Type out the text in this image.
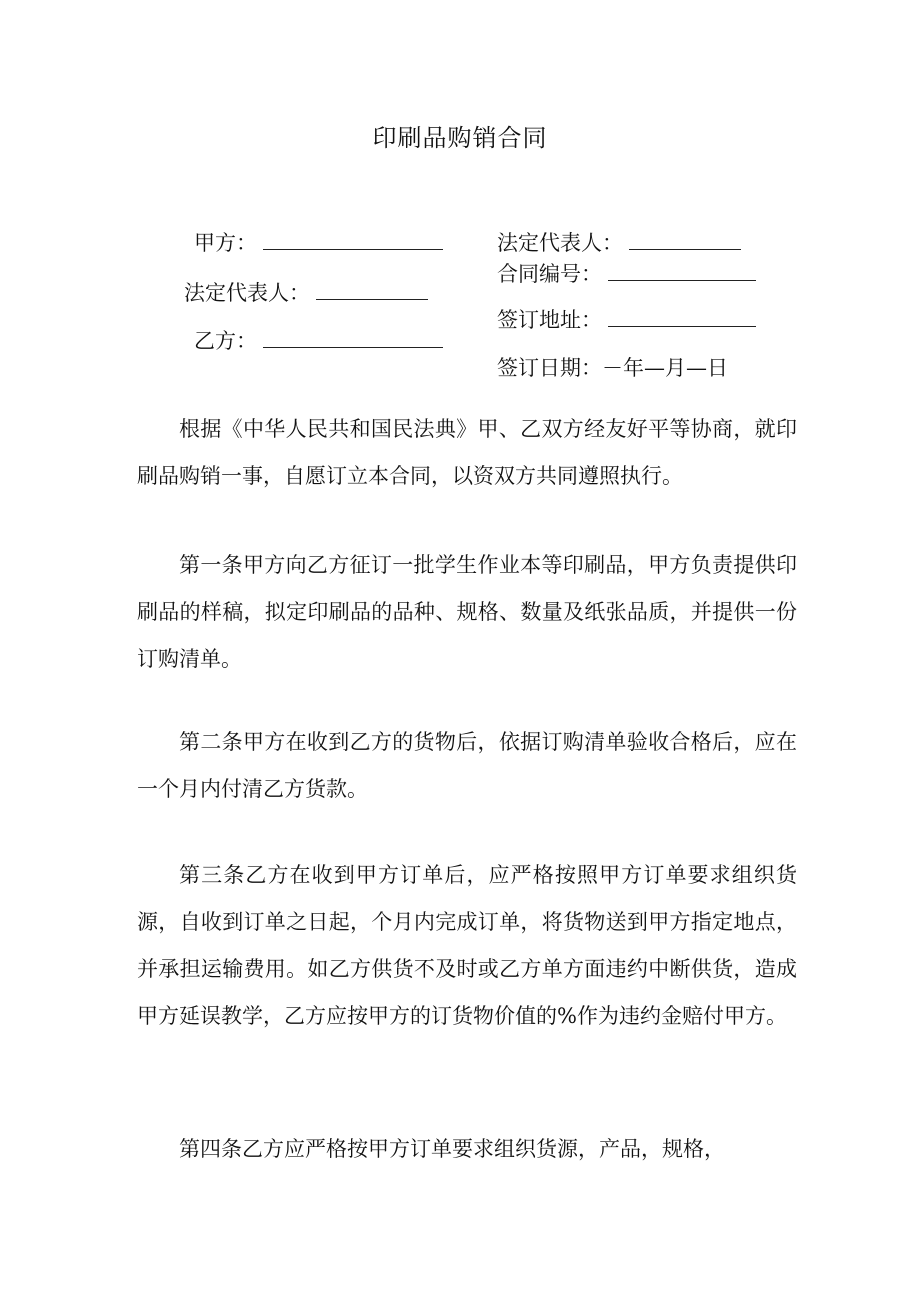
印刷品购销合同
甲方：	法定代表人：
合同编号：
法定代表人：
签订地址：
乙方：
签订日期：－年—月—日

根据《中华人民共和国民法典》甲、乙双方经友好平等协商，就印刷品购销一事，自愿订立本合同，以资双方共同遵照执行。

第一条甲方向乙方征订一批学生作业本等印刷品，甲方负责提供印刷品的样稿，拟定印刷品的品种、规格、数量及纸张品质，并提供一份订购清单。

第二条甲方在收到乙方的货物后，依据订购清单验收合格后，应在一个月内付清乙方货款。

第三条乙方在收到甲方订单后，应严格按照甲方订单要求组织货源，自收到订单之日起，个月内完成订单，将货物送到甲方指定地点，并承担运输费用。如乙方供货不及时或乙方单方面违约中断供货，造成甲方延误教学，乙方应按甲方的订货物价值的%作为违约金赔付甲方。

第四条乙方应严格按甲方订单要求组织货源，产品，规格，
